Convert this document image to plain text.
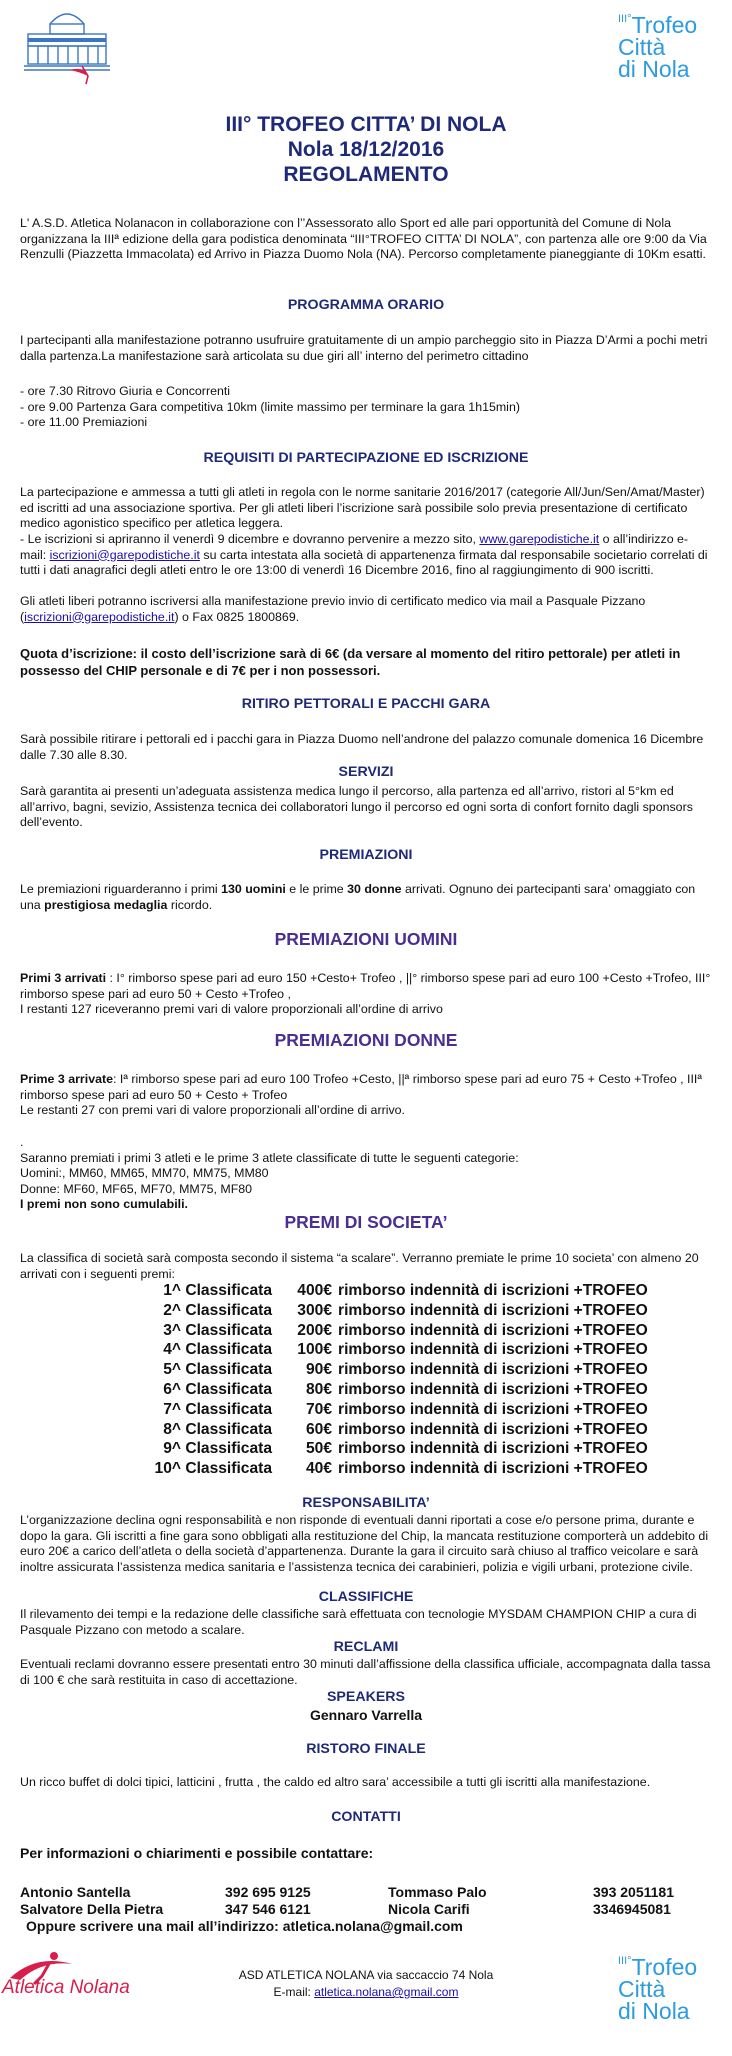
$^{III^\circ}$Trofeo
Città
di Nola
III° TROFEO CITTA’ DI NOLA
Nola 18/12/2016
REGOLAMENTO

L' A.S.D. Atletica Nolanacon in collaborazione con l’’Assessorato allo Sport ed alle pari opportunità del Comune di Nola organizzana la IIIª edizione della gara podistica denominata “III°TROFEO CITTA’ DI NOLA”, con partenza alle ore 9:00 da Via Renzulli (Piazzetta Immacolata) ed Arrivo in Piazza Duomo Nola (NA). Percorso completamente pianeggiante di 10Km esatti.

PROGRAMMA ORARIO

I partecipanti alla manifestazione potranno usufruire gratuitamente di un ampio parcheggio sito in Piazza D’Armi a pochi metri dalla partenza.La manifestazione sarà articolata su due giri all’ interno del perimetro cittadino

- ore 7.30 Ritrovo Giuria e Concorrenti
- ore 9.00 Partenza Gara competitiva 10km (limite massimo per terminare la gara 1h15min)
- ore 11.00 Premiazioni
REQUISITI DI PARTECIPAZIONE ED ISCRIZIONE

La partecipazione e ammessa a tutti gli atleti in regola con le norme sanitarie 2016/2017 (categorie All/Jun/Sen/Amat/Master) ed iscritti ad una associazione sportiva. Per gli atleti liberi l’iscrizione sarà possibile solo previa presentazione di certificato medico agonistico specifico per atletica leggera.

- Le iscrizioni si apriranno il venerdì 9 dicembre e dovranno pervenire a mezzo sito, www.garepodistiche.it o all’indirizzo e-mail: iscrizioni@garepodistiche.it su carta intestata alla società di appartenenza firmata dal responsabile societario correlati di tutti i dati anagrafici degli atleti entro le ore 13:00 di venerdì 16 Dicembre 2016, fino al raggiungimento di 900 iscritti.

Gli atleti liberi potranno iscriversi alla manifestazione previo invio di certificato medico via mail a Pasquale Pizzano (iscrizioni@garepodistiche.it) o Fax 0825 1800869.

Quota d’iscrizione: il costo dell’iscrizione sarà di 6€ (da versare al momento del ritiro pettorale) per atleti in possesso del CHIP personale e di 7€ per i non possessori.

RITIRO PETTORALI E PACCHI GARA

Sarà possibile ritirare i pettorali ed i pacchi gara in Piazza Duomo nell’androne del palazzo comunale domenica 16 Dicembre dalle 7.30 alle 8.30.

SERVIZI

Sarà garantita ai presenti un’adeguata assistenza medica lungo il percorso, alla partenza ed all’arrivo, ristori al 5°km ed all’arrivo, bagni, sevizio, Assistenza tecnica dei collaboratori lungo il percorso ed ogni sorta di confort fornito dagli sponsors dell’evento.

PREMIAZIONI

Le premiazioni riguarderanno i primi 130 uomini e le prime 30 donne arrivati. Ognuno dei partecipanti sara’ omaggiato con una prestigiosa medaglia ricordo.

PREMIAZIONI UOMINI

Primi 3 arrivati : I° rimborso spese pari ad euro 150 +Cesto+ Trofeo , ||° rimborso spese pari ad euro 100 +Cesto +Trofeo, III° rimborso spese pari ad euro 50 + Cesto +Trofeo ,

I restanti 127 riceveranno premi vari di valore proporzionali all’ordine di arrivo

PREMIAZIONI DONNE

Prime 3 arrivate: Iª rimborso spese pari ad euro 100 Trofeo +Cesto, ||ª rimborso spese pari ad euro 75 + Cesto +Trofeo , IIIª rimborso spese pari ad euro 50 + Cesto + Trofeo

Le restanti 27 con premi vari di valore proporzionali all’ordine di arrivo.

.
Saranno premiati i primi 3 atleti e le prime 3 atlete classificate di tutte le seguenti categorie:
Uomini:, MM60, MM65, MM70, MM75, MM80
Donne: MF60, MF65, MF70, MM75, MF80
I premi non sono cumulabili.
PREMI DI SOCIETA’

La classifica di società sarà composta secondo il sistema “a scalare”. Verranno premiate le prime 10 societa’ con almeno 20 arrivati con i seguenti premi:

1^ Classificata	400€ rimborso indennità di iscrizioni +TROFEO
2^ Classificata	300€ rimborso indennità di iscrizioni +TROFEO
3^ Classificata	200€ rimborso indennità di iscrizioni +TROFEO
4^ Classificata	100€ rimborso indennità di iscrizioni +TROFEO
5^ Classificata	90€ rimborso indennità di iscrizioni +TROFEO
6^ Classificata	80€ rimborso indennità di iscrizioni +TROFEO
7^ Classificata	70€ rimborso indennità di iscrizioni +TROFEO
8^ Classificata	60€ rimborso indennità di iscrizioni +TROFEO
9^ Classificata	50€ rimborso indennità di iscrizioni +TROFEO
10^ Classificata	40€ rimborso indennità di iscrizioni +TROFEO
RESPONSABILITA’

L’organizzazione declina ogni responsabilità e non risponde di eventuali danni riportati a cose e/o persone prima, durante e dopo la gara. Gli iscritti a fine gara sono obbligati alla restituzione del Chip, la mancata restituzione comporterà un addebito di euro 20€ a carico dell’atleta o della società d’appartenenza. Durante la gara il circuito sarà chiuso al traffico veicolare e sarà inoltre assicurata l’assistenza medica sanitaria e l’assistenza tecnica dei carabinieri, polizia e vigili urbani, protezione civile.

CLASSIFICHE

Il rilevamento dei tempi e la redazione delle classifiche sarà effettuata con tecnologie MYSDAM CHAMPION CHIP a cura di Pasquale Pizzano con metodo a scalare.

RECLAMI

Eventuali reclami dovranno essere presentati entro 30 minuti dall’affissione della classifica ufficiale, accompagnata dalla tassa di 100 € che sarà restituita in caso di accettazione.

SPEAKERS
Gennaro Varrella
RISTORO FINALE

Un ricco buffet di dolci tipici, latticini , frutta , the caldo ed altro sara’ accessibile a tutti gli iscritti alla manifestazione.

CONTATTI
Per informazioni o chiarimenti e possibile contattare:
Antonio Santella	392 695 9125	Tommaso Palo	393 2051181
Salvatore Della Pietra	347 546 6121	Nicola Carifi	3346945081
Oppure scrivere una mail all’indirizzo: atletica.nolana@gmail.com
Atletica Nolana
ASD ATLETICA NOLANA via saccaccio 74 Nola
E-mail: atletica.nolana@gmail.com
$^{III^\circ}$Trofeo
Città
di Nola
